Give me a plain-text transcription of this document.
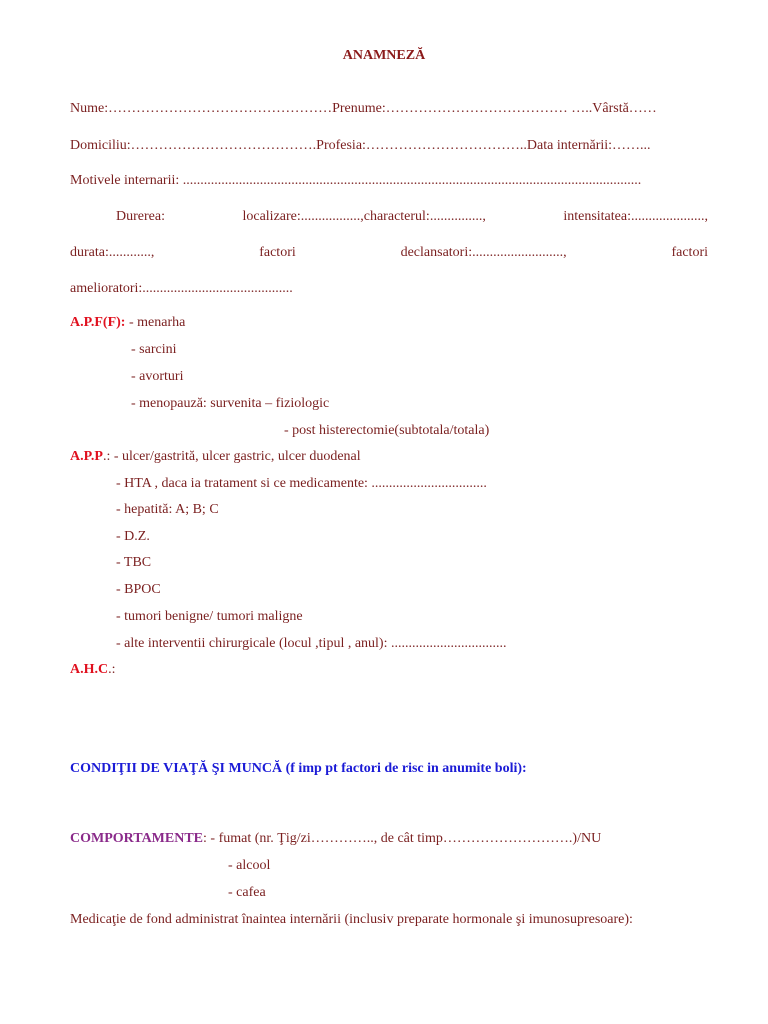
ANAMNEZĂ
Nume:…………………………………………Prenume:………………………………… …..Vârstă……
Domiciliu:………………………………….Profesia:……………………………..Data internării:……...
Motivele internarii: ...................................................................................................................................
Durerea:	localizare:.................,characterul:...............,	intensitatea:.....................,
durata:............,	factori	declansatori:..........................,	factori
amelioratori:...........................................
A.P.F(F): - menarha
- sarcini
- avorturi
- menopauză: survenita – fiziologic
- post histerectomie(subtotala/totala)
A.P.P.: - ulcer/gastrită, ulcer gastric, ulcer duodenal
- HTA , daca ia tratament si ce medicamente: .................................
- hepatită: A; B; C
- D.Z.
- TBC
- BPOC
- tumori benigne/ tumori maligne
- alte interventii chirurgicale (locul ,tipul , anul): .................................
A.H.C.:
CONDIŢII DE VIAŢĂ ŞI MUNCĂ (f imp pt factori de risc in anumite boli):
COMPORTAMENTE: - fumat (nr. Ţig/zi………….., de cât timp……………………….)/NU
- alcool
- cafea
Medicaţie de fond administrat înaintea internării (inclusiv preparate hormonale şi imunosupresoare):
